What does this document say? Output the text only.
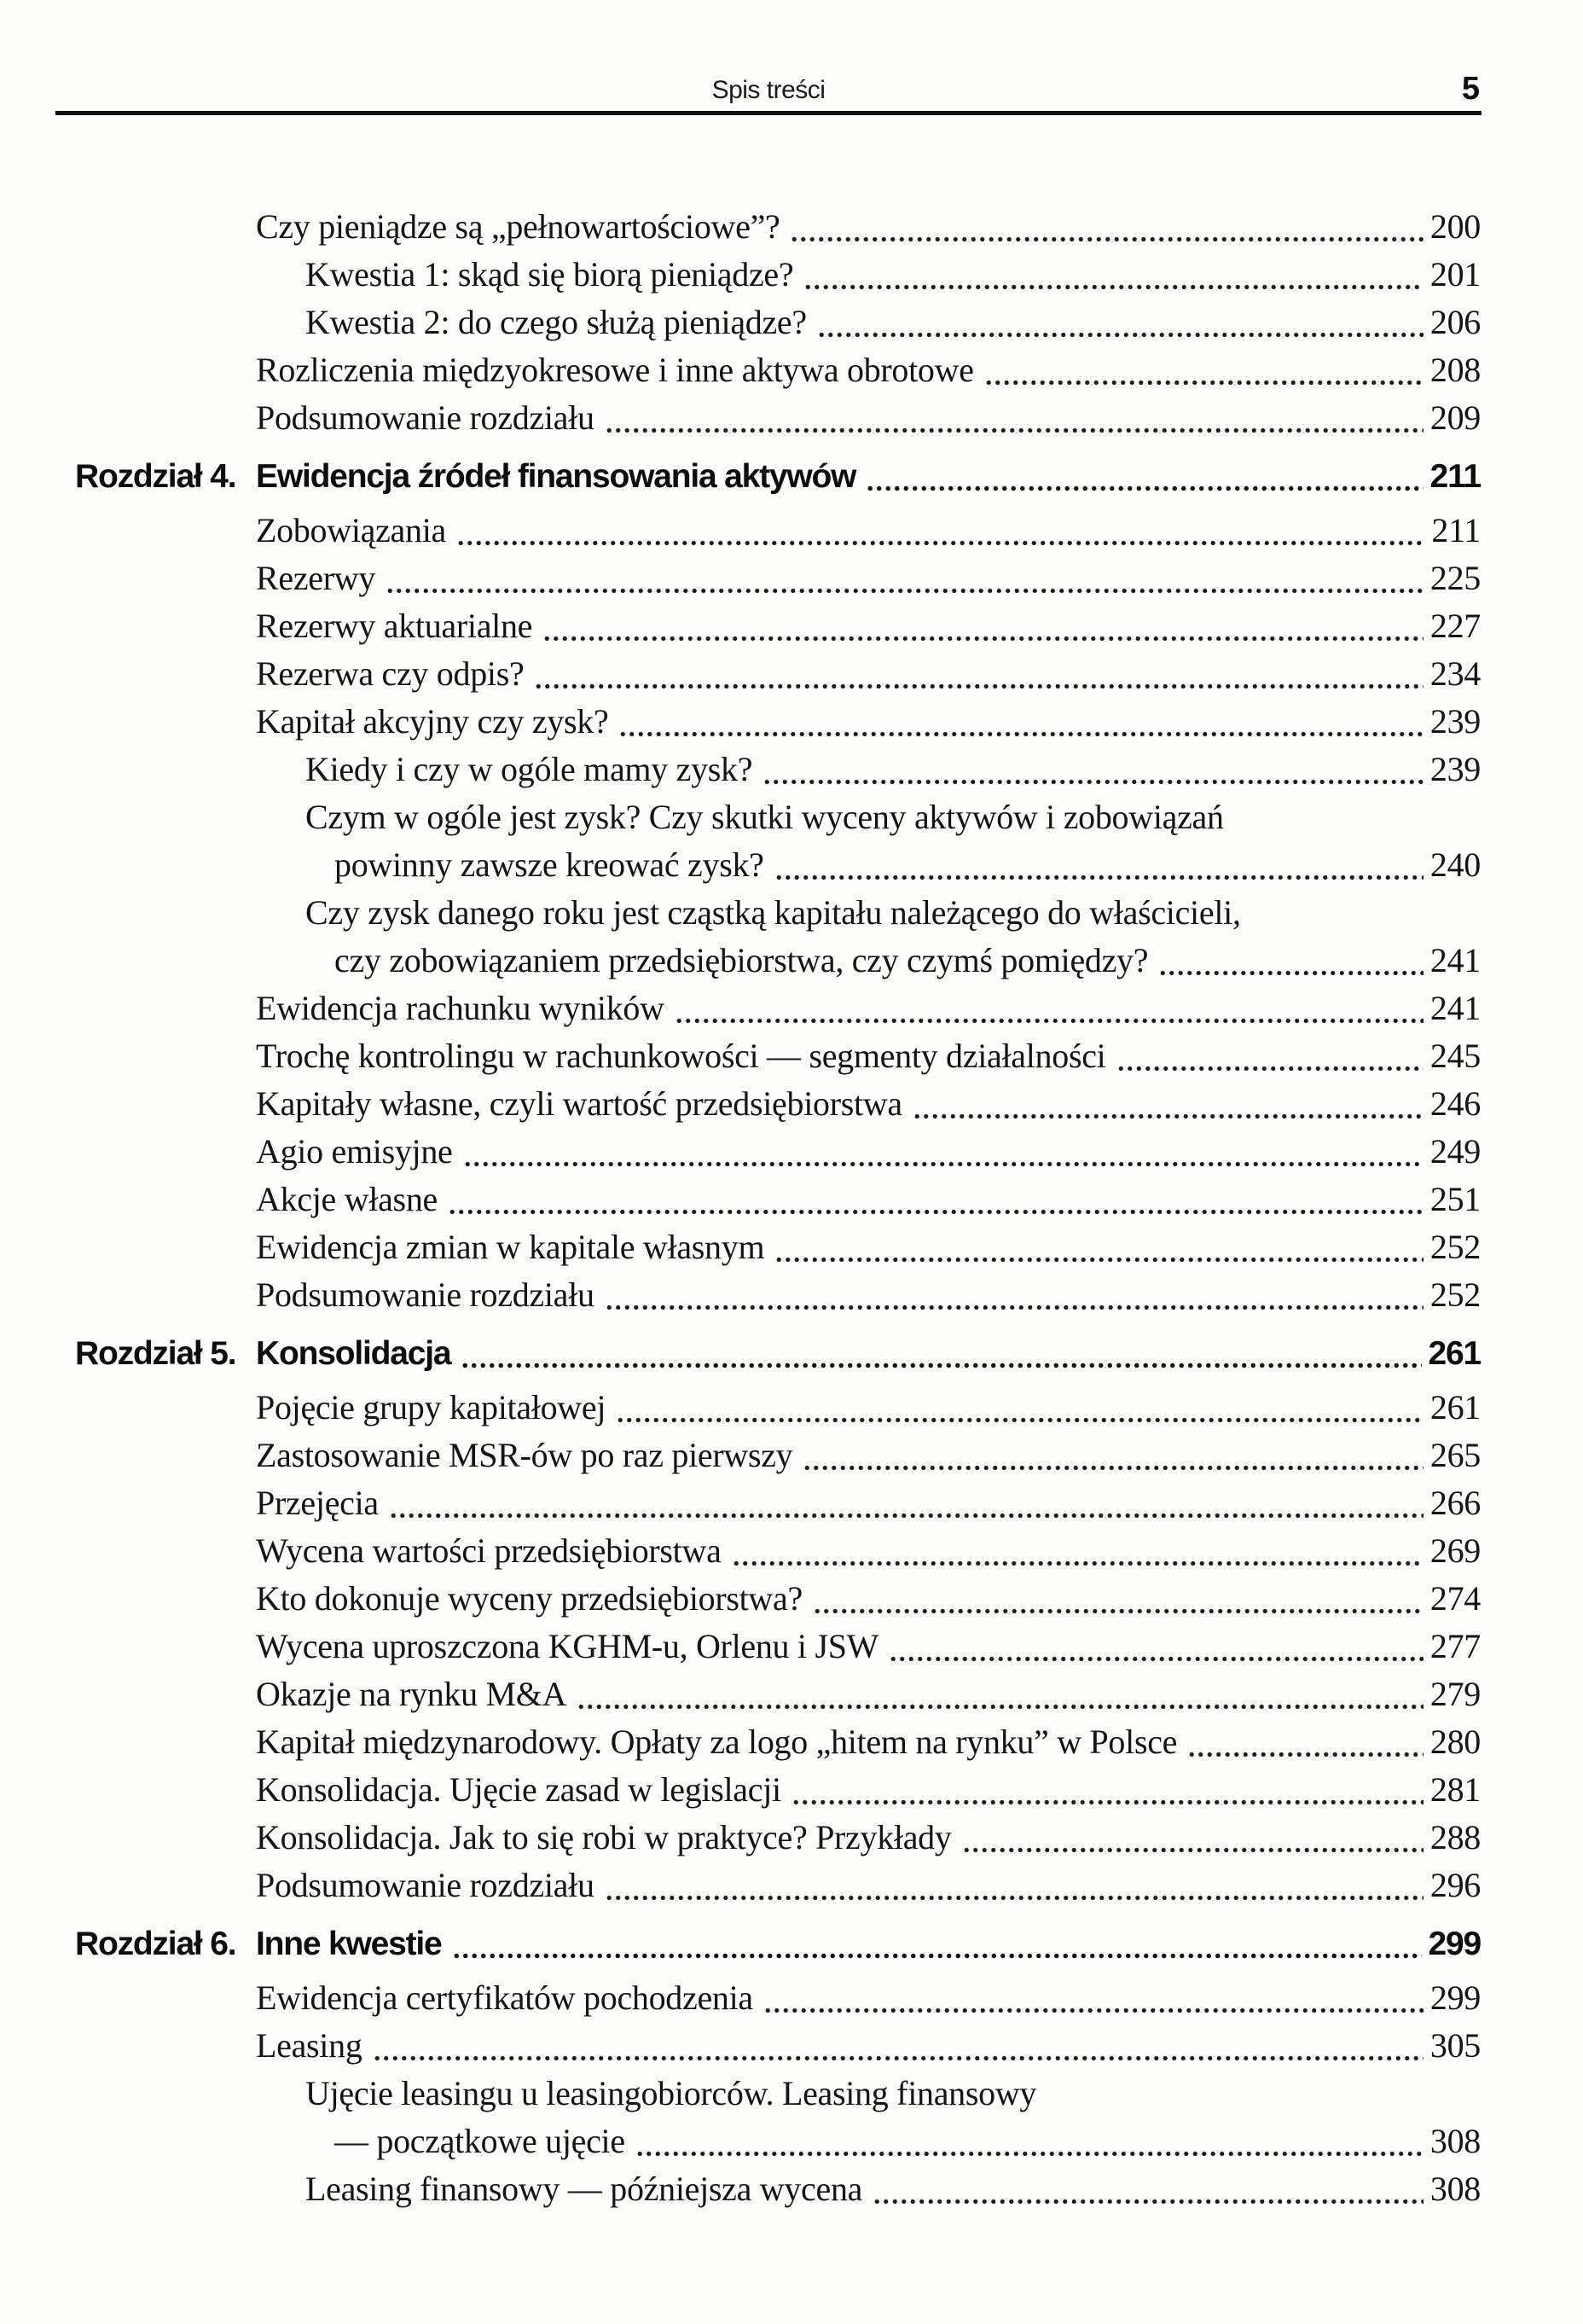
Spis treści	5
Czy pieniądze są „pełnowartościowe”?	200
Kwestia 1: skąd się biorą pieniądze?	201
Kwestia 2: do czego służą pieniądze?	206
Rozliczenia międzyokresowe i inne aktywa obrotowe	208
Podsumowanie rozdziału	209
Rozdział 4. Ewidencja źródeł finansowania aktywów	211
Zobowiązania	211
Rezerwy	225
Rezerwy aktuarialne	227
Rezerwa czy odpis?	234
Kapitał akcyjny czy zysk?	239
Kiedy i czy w ogóle mamy zysk?	239
Czym w ogóle jest zysk? Czy skutki wyceny aktywów i zobowiązań
powinny zawsze kreować zysk?	240
Czy zysk danego roku jest cząstką kapitału należącego do właścicieli,
czy zobowiązaniem przedsiębiorstwa, czy czymś pomiędzy?	241
Ewidencja rachunku wyników	241
Trochę kontrolingu w rachunkowości — segmenty działalności	245
Kapitały własne, czyli wartość przedsiębiorstwa	246
Agio emisyjne	249
Akcje własne	251
Ewidencja zmian w kapitale własnym	252
Podsumowanie rozdziału	252
Rozdział 5. Konsolidacja	261
Pojęcie grupy kapitałowej	261
Zastosowanie MSR-ów po raz pierwszy	265
Przejęcia	266
Wycena wartości przedsiębiorstwa	269
Kto dokonuje wyceny przedsiębiorstwa?	274
Wycena uproszczona KGHM-u, Orlenu i JSW	277
Okazje na rynku M&A	279
Kapitał międzynarodowy. Opłaty za logo „hitem na rynku” w Polsce	280
Konsolidacja. Ujęcie zasad w legislacji	281
Konsolidacja. Jak to się robi w praktyce? Przykłady	288
Podsumowanie rozdziału	296
Rozdział 6. Inne kwestie	299
Ewidencja certyfikatów pochodzenia	299
Leasing	305
Ujęcie leasingu u leasingobiorców. Leasing finansowy
— początkowe ujęcie	308
Leasing finansowy — późniejsza wycena	308
